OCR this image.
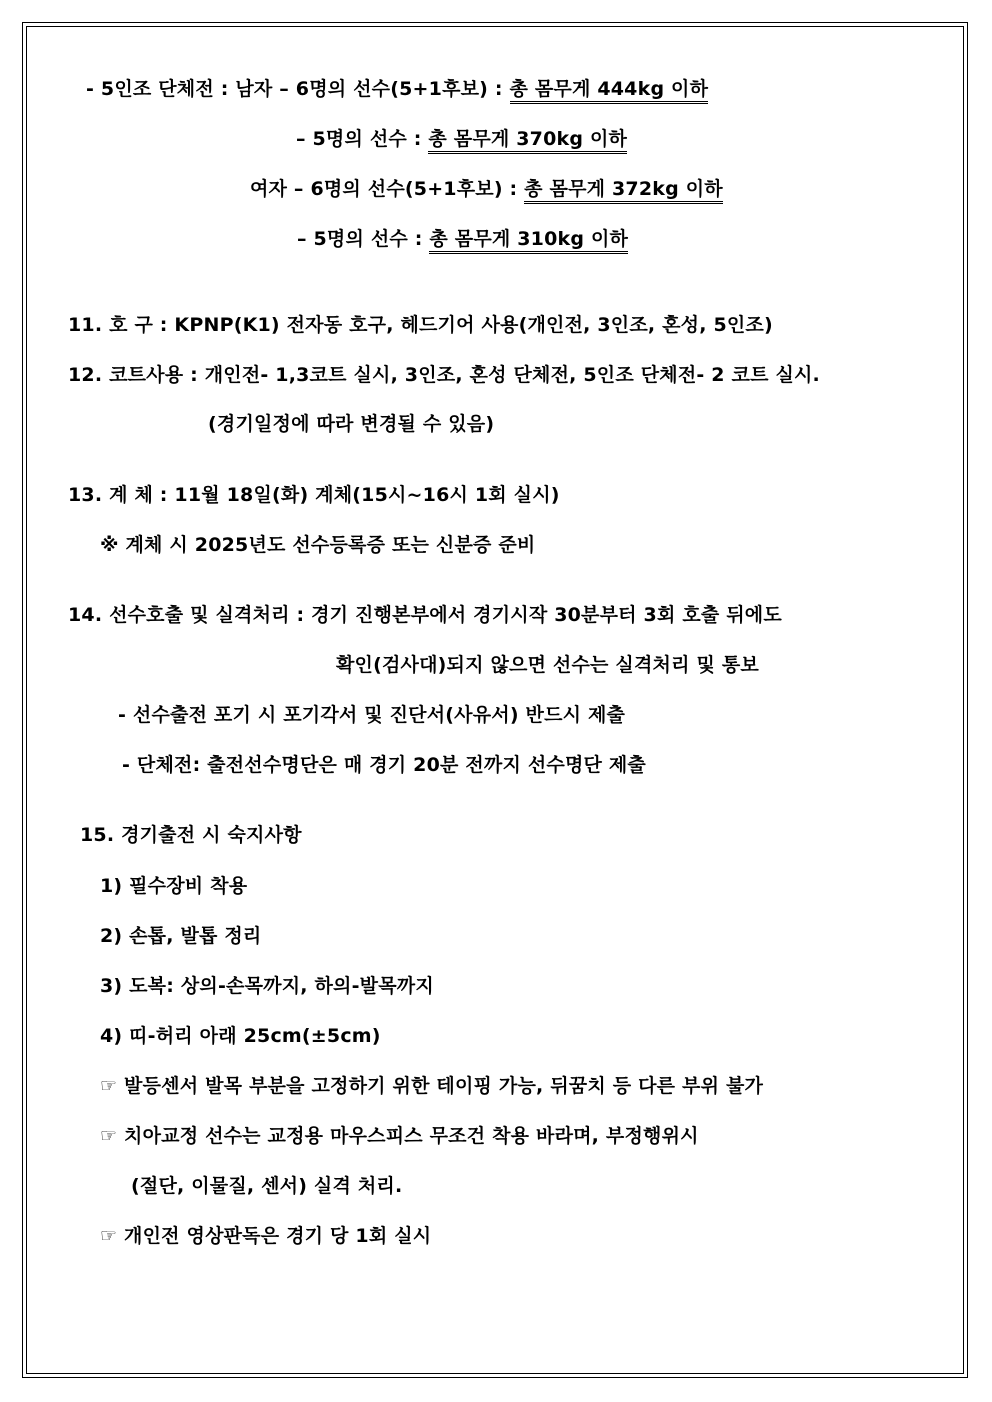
- 5인조 단체전 : 남자 – 6명의 선수(5+1후보) : 총 몸무게 444kg 이하
– 5명의 선수 : 총 몸무게 370kg 이하
여자 – 6명의 선수(5+1후보) : 총 몸무게 372kg 이하
– 5명의 선수 : 총 몸무게 310kg 이하
11. 호 구 : KPNP(K1) 전자동 호구, 헤드기어 사용(개인전, 3인조, 혼성, 5인조)
12. 코트사용 : 개인전- 1,3코트 실시, 3인조, 혼성 단체전, 5인조 단체전- 2 코트 실시.
(경기일정에 따라 변경될 수 있음)
13. 계 체 : 11월 18일(화) 계체(15시~16시 1회 실시)
※ 계체 시 2025년도 선수등록증 또는 신분증 준비
14. 선수호출 및 실격처리 : 경기 진행본부에서 경기시작 30분부터 3회 호출 뒤에도
확인(검사대)되지 않으면 선수는 실격처리 및 통보
- 선수출전 포기 시 포기각서 및 진단서(사유서) 반드시 제출
- 단체전: 출전선수명단은 매 경기 20분 전까지 선수명단 제출
15. 경기출전 시 숙지사항
1) 필수장비 착용
2) 손톱, 발톱 정리
3) 도복: 상의-손목까지, 하의-발목까지
4) 띠-허리 아래 25cm(±5cm)
☞ 발등센서 발목 부분을 고정하기 위한 테이핑 가능, 뒤꿈치 등 다른 부위 불가
☞ 치아교정 선수는 교정용 마우스피스 무조건 착용 바라며, 부정행위시
(절단, 이물질, 센서) 실격 처리.
☞ 개인전 영상판독은 경기 당 1회 실시
